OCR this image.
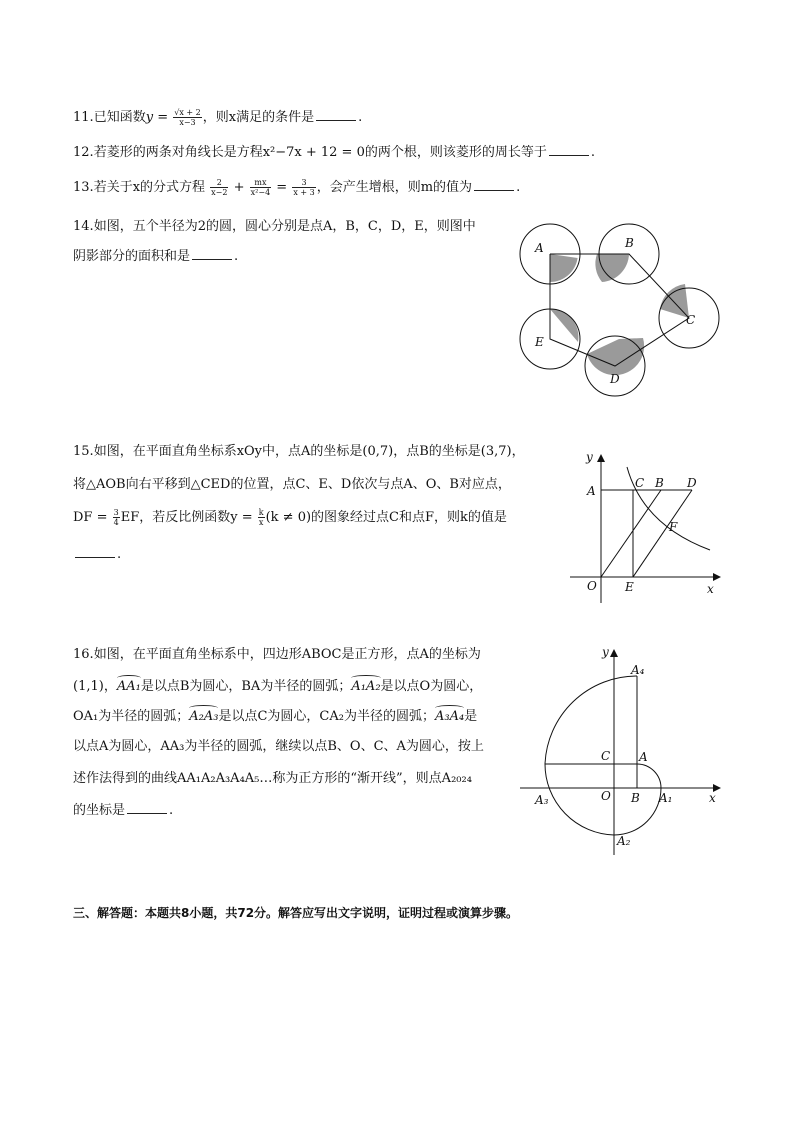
11.已知函数$y = \frac{√x + 2}{x-3}$ ，则x满足的条件是	.
12.若菱形的两条对角线长是方程x²−7x + 12 = 0的两个根，则该菱形的周长等于	.
13.若关于x的分式方程 $\frac{2}{x-2} + \frac{mx}{\text{x²−4}} = \frac{3}{x + 3}$ ，会产生增根，则m的值为	.
14.如图，五个半径为2的圆，圆心分别是点A，B，C，D，E，则图中
阴影部分的面积和是	.
A	B
C
E
D
15.如图，在平面直角坐标系xOy中，点A的坐标是(0,7)，点B的坐标是(3,7)，
将△AOB向右平移到△CED的位置，点C、E、D依次与点A、O、B对应点，
DF = $\frac{3}{4}$ EF，若反比例函数$y = \frac{k}{x} (k \ne 0)$的图象经过点C和点F，则k的值是
.
y
x
O
A
C B D
E
F
16.如图，在平面直角坐标系中，四边形ABOC是正方形，点A的坐标为
(1,1)，AA₁是以点B为圆心，BA为半径的圆弧；A₁A₂是以点O为圆心，
OA₁为半径的圆弧；A₂A₃是以点C为圆心，CA₂为半径的圆弧；A₃A₄是
以点A为圆心，AA₃为半径的圆弧，继续以点B、O、C、A为圆心，按上
述作法得到的曲线AA₁A₂A₃A₄A₅…称为正方形的“渐开线”，则点A₂₀₂₄
的坐标是	.
y
x
O B
C A
A₁
A₂
A₃
A₄
三、解答题：本题共8小题，共72分。解答应写出文字说明，证明过程或演算步骤。
